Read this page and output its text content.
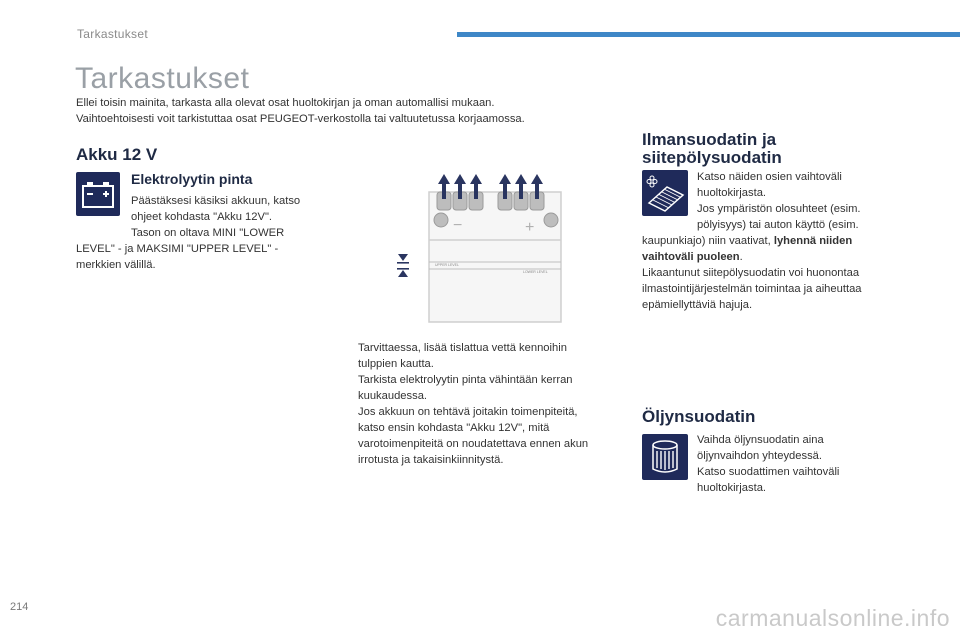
Tarkastukset
Tarkastukset
Ellei toisin mainita, tarkasta alla olevat osat huoltokirjan ja oman automallisi mukaan.
Vaihtoehtoisesti voit tarkistuttaa osat PEUGEOT-verkostolla tai valtuutetussa korjaamossa.
Akku 12 V
Elektrolyytin pinta

Päästäksesi käsiksi akkuun, katso

ohjeet kohdasta "Akku 12V".

Tason on oltava MINI "LOWER

LEVEL" - ja MAKSIMI "UPPER LEVEL" -

merkkien välillä.

−	+
UPPER LEVEL
LOWER LEVEL

Tarvittaessa, lisää tislattua vettä kennoihin

tulppien kautta.

Tarkista elektrolyytin pinta vähintään kerran

kuukaudessa.

Jos akkuun on tehtävä joitakin toimenpiteitä,

katso ensin kohdasta "Akku 12V", mitä

varotoimenpiteitä on noudatettava ennen akun

irrotusta ja takaisinkiinnitystä.

Ilmansuodatin ja
siitepölysuodatin

Katso näiden osien vaihtoväli

huoltokirjasta.

Jos ympäristön olosuhteet (esim.

pölyisyys) tai auton käyttö (esim.

kaupunkiajo) niin vaativat, lyhennä niiden

vaihtoväli puoleen.

Likaantunut siitepölysuodatin voi huonontaa

ilmastointijärjestelmän toimintaa ja aiheuttaa

epämiellyttäviä hajuja.

Öljynsuodatin

Vaihda öljynsuodatin aina

öljynvaihdon yhteydessä.

Katso suodattimen vaihtoväli

huoltokirjasta.

214	carmanualsonline.info
